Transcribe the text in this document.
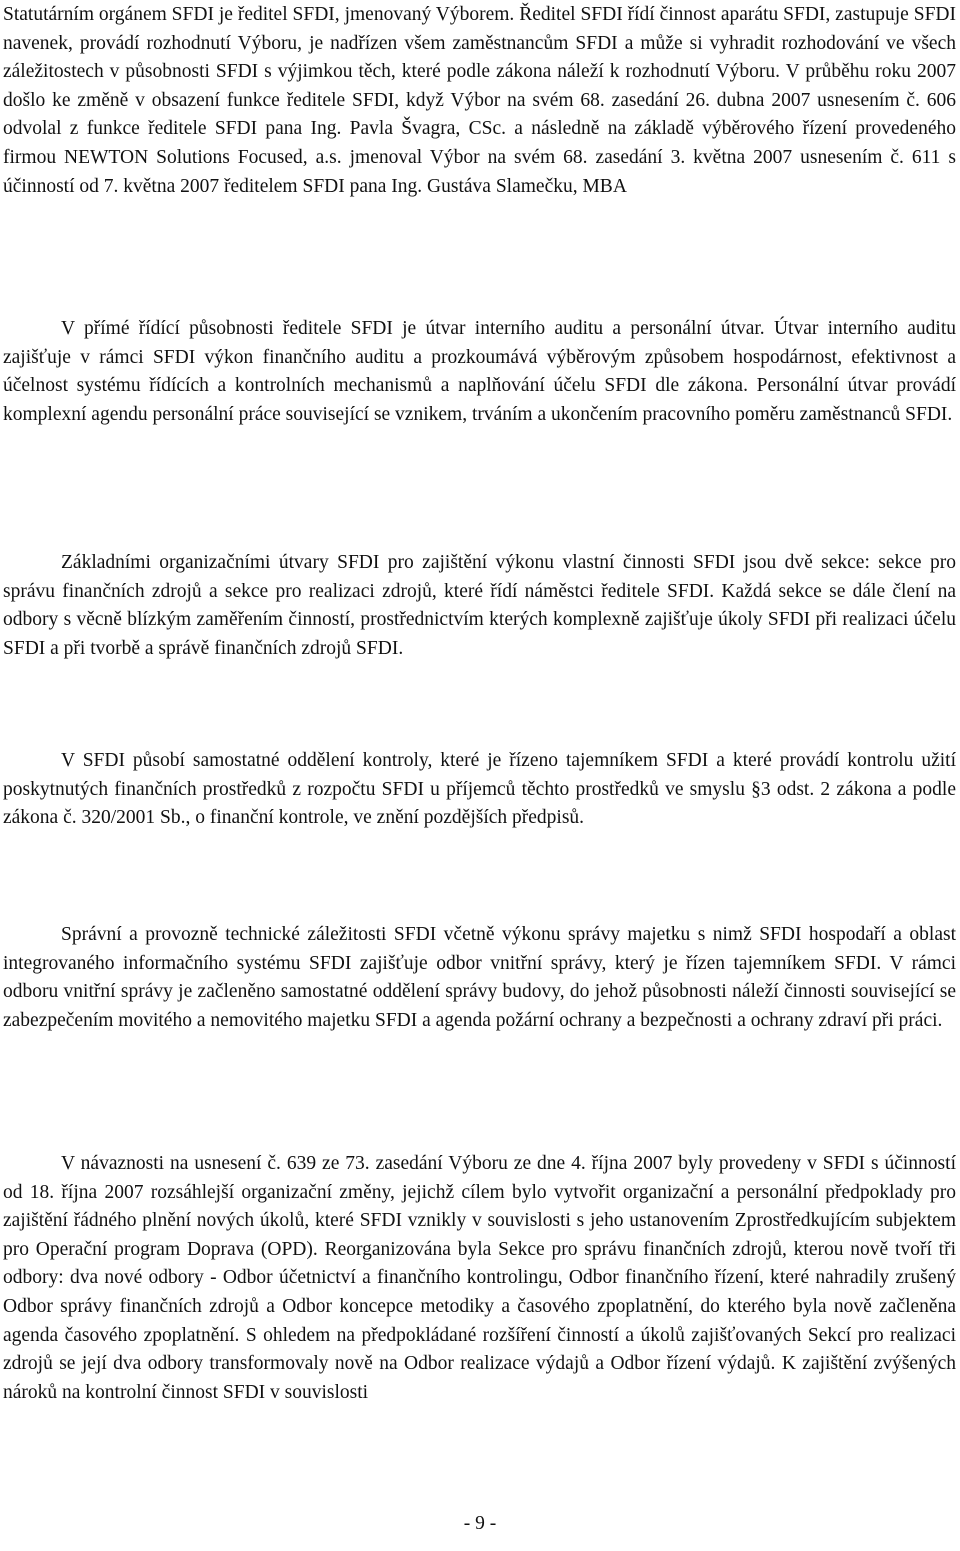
Statutárním orgánem SFDI je ředitel SFDI, jmenovaný Výborem. Ředitel SFDI řídí činnost aparátu SFDI, zastupuje SFDI navenek, provádí rozhodnutí Výboru, je nadřízen všem zaměstnancům SFDI a může si vyhradit rozhodování ve všech záležitostech v působnosti SFDI s výjimkou těch, které podle zákona náleží k rozhodnutí Výboru. V průběhu roku 2007 došlo ke změně v obsazení funkce ředitele SFDI, když Výbor na svém 68. zasedání 26. dubna 2007 usnesením č. 606 odvolal z funkce ředitele SFDI pana Ing. Pavla Švagra, CSc. a následně na základě výběrového řízení provedeného firmou NEWTON Solutions Focused, a.s. jmenoval Výbor na svém 68. zasedání 3. května 2007 usnesením č. 611 s účinností od 7. května 2007 ředitelem SFDI pana Ing. Gustáva Slamečku, MBA

V přímé řídící působnosti ředitele SFDI je útvar interního auditu a personální útvar. Útvar interního auditu zajišťuje v rámci SFDI výkon finančního auditu a prozkoumává výběrovým způsobem hospodárnost, efektivnost a účelnost systému řídících a kontrolních mechanismů a naplňování účelu SFDI dle zákona. Personální útvar provádí komplexní agendu personální práce související se vznikem, trváním a ukončením pracovního poměru zaměstnanců SFDI.

Základními organizačními útvary SFDI pro zajištění výkonu vlastní činnosti SFDI jsou dvě sekce: sekce pro správu finančních zdrojů a sekce pro realizaci zdrojů, které řídí náměstci ředitele SFDI. Každá sekce se dále člení na odbory s věcně blízkým zaměřením činností, prostřednictvím kterých komplexně zajišťuje úkoly SFDI při realizaci účelu SFDI a při tvorbě a správě finančních zdrojů SFDI.

V SFDI působí samostatné oddělení kontroly, které je řízeno tajemníkem SFDI a které provádí kontrolu užití poskytnutých finančních prostředků z rozpočtu SFDI u příjemců těchto prostředků ve smyslu §3 odst. 2 zákona a podle zákona č. 320/2001 Sb., o finanční kontrole, ve znění pozdějších předpisů.

Správní a provozně technické záležitosti SFDI včetně výkonu správy majetku s nimž SFDI hospodaří a oblast integrovaného informačního systému SFDI zajišťuje odbor vnitřní správy, který je řízen tajemníkem SFDI. V rámci odboru vnitřní správy je začleněno samostatné oddělení správy budovy, do jehož působnosti náleží činnosti související se zabezpečením movitého a nemovitého majetku SFDI a agenda požární ochrany a bezpečnosti a ochrany zdraví při práci.

V návaznosti na usnesení č. 639 ze 73. zasedání Výboru ze dne 4. října 2007 byly provedeny v SFDI s účinností od 18. října 2007 rozsáhlejší organizační změny, jejichž cílem bylo vytvořit organizační a personální předpoklady pro zajištění řádného plnění nových úkolů, které SFDI vznikly v souvislosti s jeho ustanovením Zprostředkujícím subjektem pro Operační program Doprava (OPD). Reorganizována byla Sekce pro správu finančních zdrojů, kterou nově tvoří tři odbory: dva nové odbory - Odbor účetnictví a finančního kontrolingu, Odbor finančního řízení, které nahradily zrušený Odbor správy finančních zdrojů a Odbor koncepce metodiky a časového zpoplatnění, do kterého byla nově začleněna agenda časového zpoplatnění. S ohledem na předpokládané rozšíření činností a úkolů zajišťovaných Sekcí pro realizaci zdrojů se její dva odbory transformovaly nově na Odbor realizace výdajů a Odbor řízení výdajů. K zajištění zvýšených nároků na kontrolní činnost SFDI v souvislosti

- 9 -
